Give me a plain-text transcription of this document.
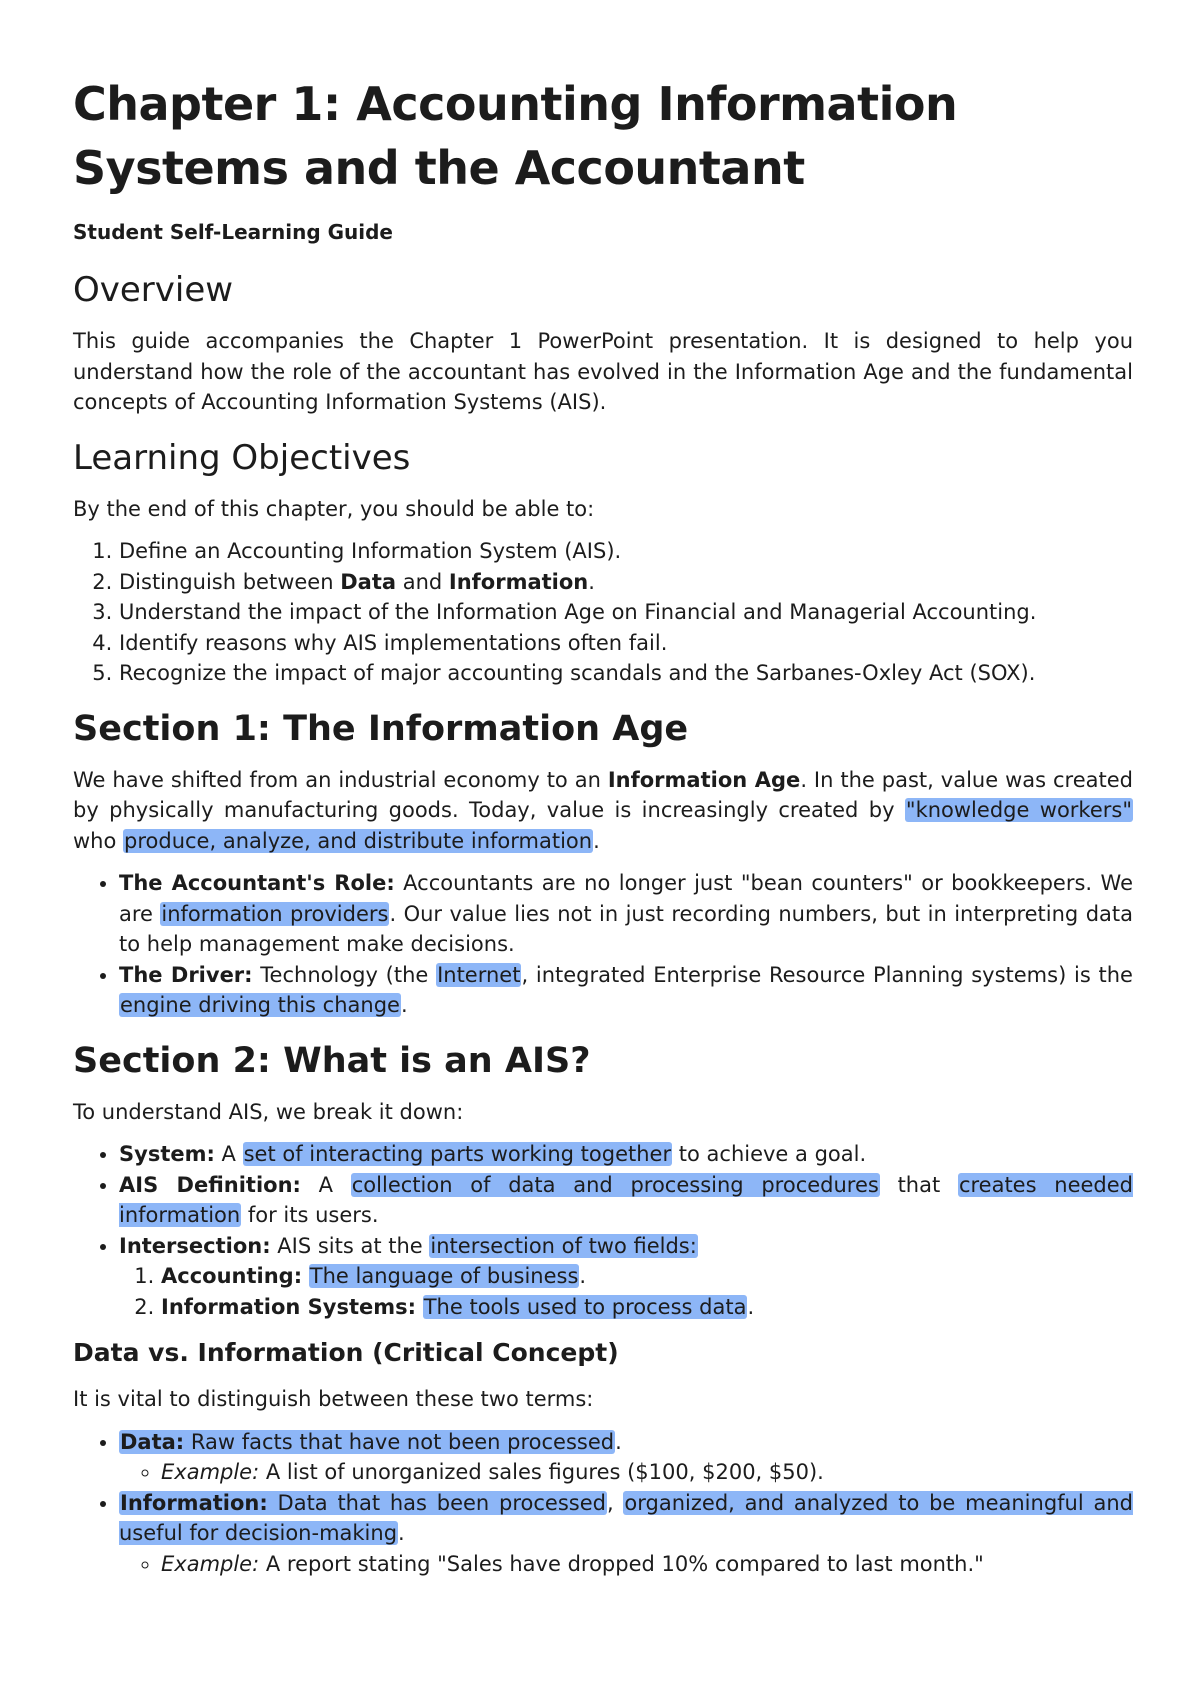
Chapter 1: Accounting Information Systems and the Accountant
Student Self-Learning Guide
Overview

This guide accompanies the Chapter 1 PowerPoint presentation. It is designed to help you understand how the role of the accountant has evolved in the Information Age and the fundamental concepts of Accounting Information Systems (AIS).

Learning Objectives

By the end of this chapter, you should be able to:

1. Define an Accounting Information System (AIS).
2. Distinguish between Data and Information.
3. Understand the impact of the Information Age on Financial and Managerial Accounting.
4. Identify reasons why AIS implementations often fail.
5. Recognize the impact of major accounting scandals and the Sarbanes-Oxley Act (SOX).
Section 1: The Information Age

We have shifted from an industrial economy to an Information Age. In the past, value was created by physically manufacturing goods. Today, value is increasingly created by "knowledge workers" who produce, analyze, and distribute information.

• The Accountant's Role: Accountants are no longer just "bean counters" or bookkeepers. We are information providers. Our value lies not in just recording numbers, but in interpreting data to help management make decisions.
• The Driver: Technology (the Internet, integrated Enterprise Resource Planning systems) is the engine driving this change.
Section 2: What is an AIS?

To understand AIS, we break it down:

• System: A set of interacting parts working together to achieve a goal.
• AIS Definition: A collection of data and processing procedures that creates needed information for its users.
• Intersection: AIS sits at the intersection of two fields:
1. Accounting: The language of business.
2. Information Systems: The tools used to process data.
Data vs. Information (Critical Concept)

It is vital to distinguish between these two terms:

• Data: Raw facts that have not been processed.
◦ Example: A list of unorganized sales figures ($100, $200, $50).
• Information: Data that has been processed, organized, and analyzed to be meaningful and useful for decision-making.
◦ Example: A report stating "Sales have dropped 10% compared to last month."
